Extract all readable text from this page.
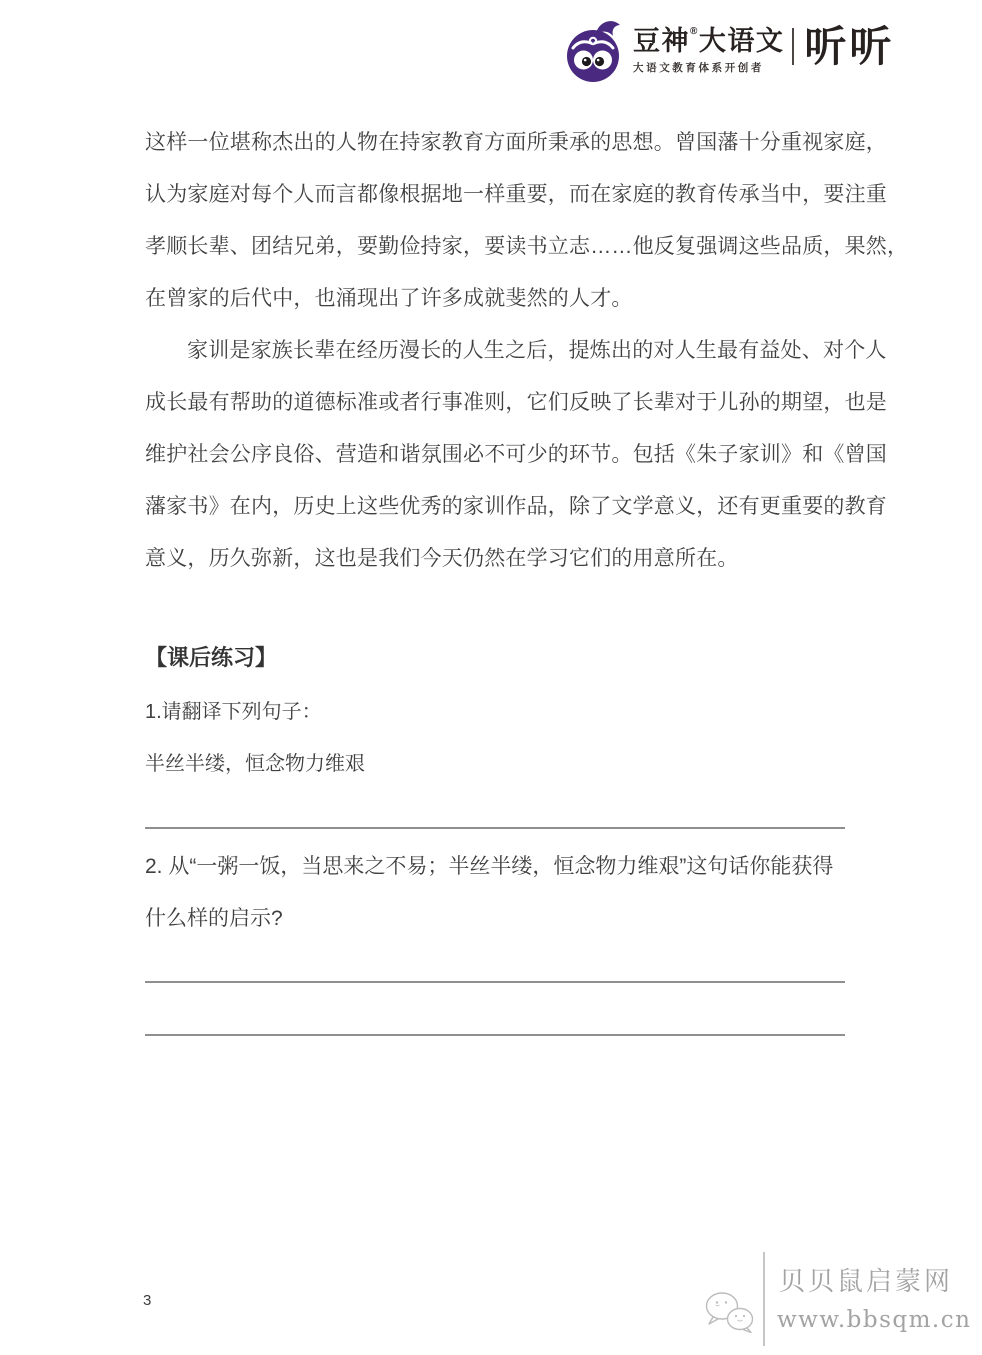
豆神®大语文
大语文教育体系开创者 听听
这样一位堪称杰出的人物在持家教育方面所秉承的思想。曾国藩十分重视家庭，
认为家庭对每个人而言都像根据地一样重要，而在家庭的教育传承当中，要注重
孝顺长辈、团结兄弟，要勤俭持家，要读书立志……他反复强调这些品质，果然，
在曾家的后代中，也涌现出了许多成就斐然的人才。
家训是家族长辈在经历漫长的人生之后，提炼出的对人生最有益处、对个人
成长最有帮助的道德标准或者行事准则，它们反映了长辈对于儿孙的期望，也是
维护社会公序良俗、营造和谐氛围必不可少的环节。包括《朱子家训》和《曾国
藩家书》在内，历史上这些优秀的家训作品，除了文学意义，还有更重要的教育
意义，历久弥新，这也是我们今天仍然在学习它们的用意所在。
【课后练习】
1.请翻译下列句子：
半丝半缕，恒念物力维艰
2. 从“一粥一饭，当思来之不易；半丝半缕，恒念物力维艰”这句话你能获得
什么样的启示?
3
贝贝鼠启蒙网
www.bbsqm.cn
